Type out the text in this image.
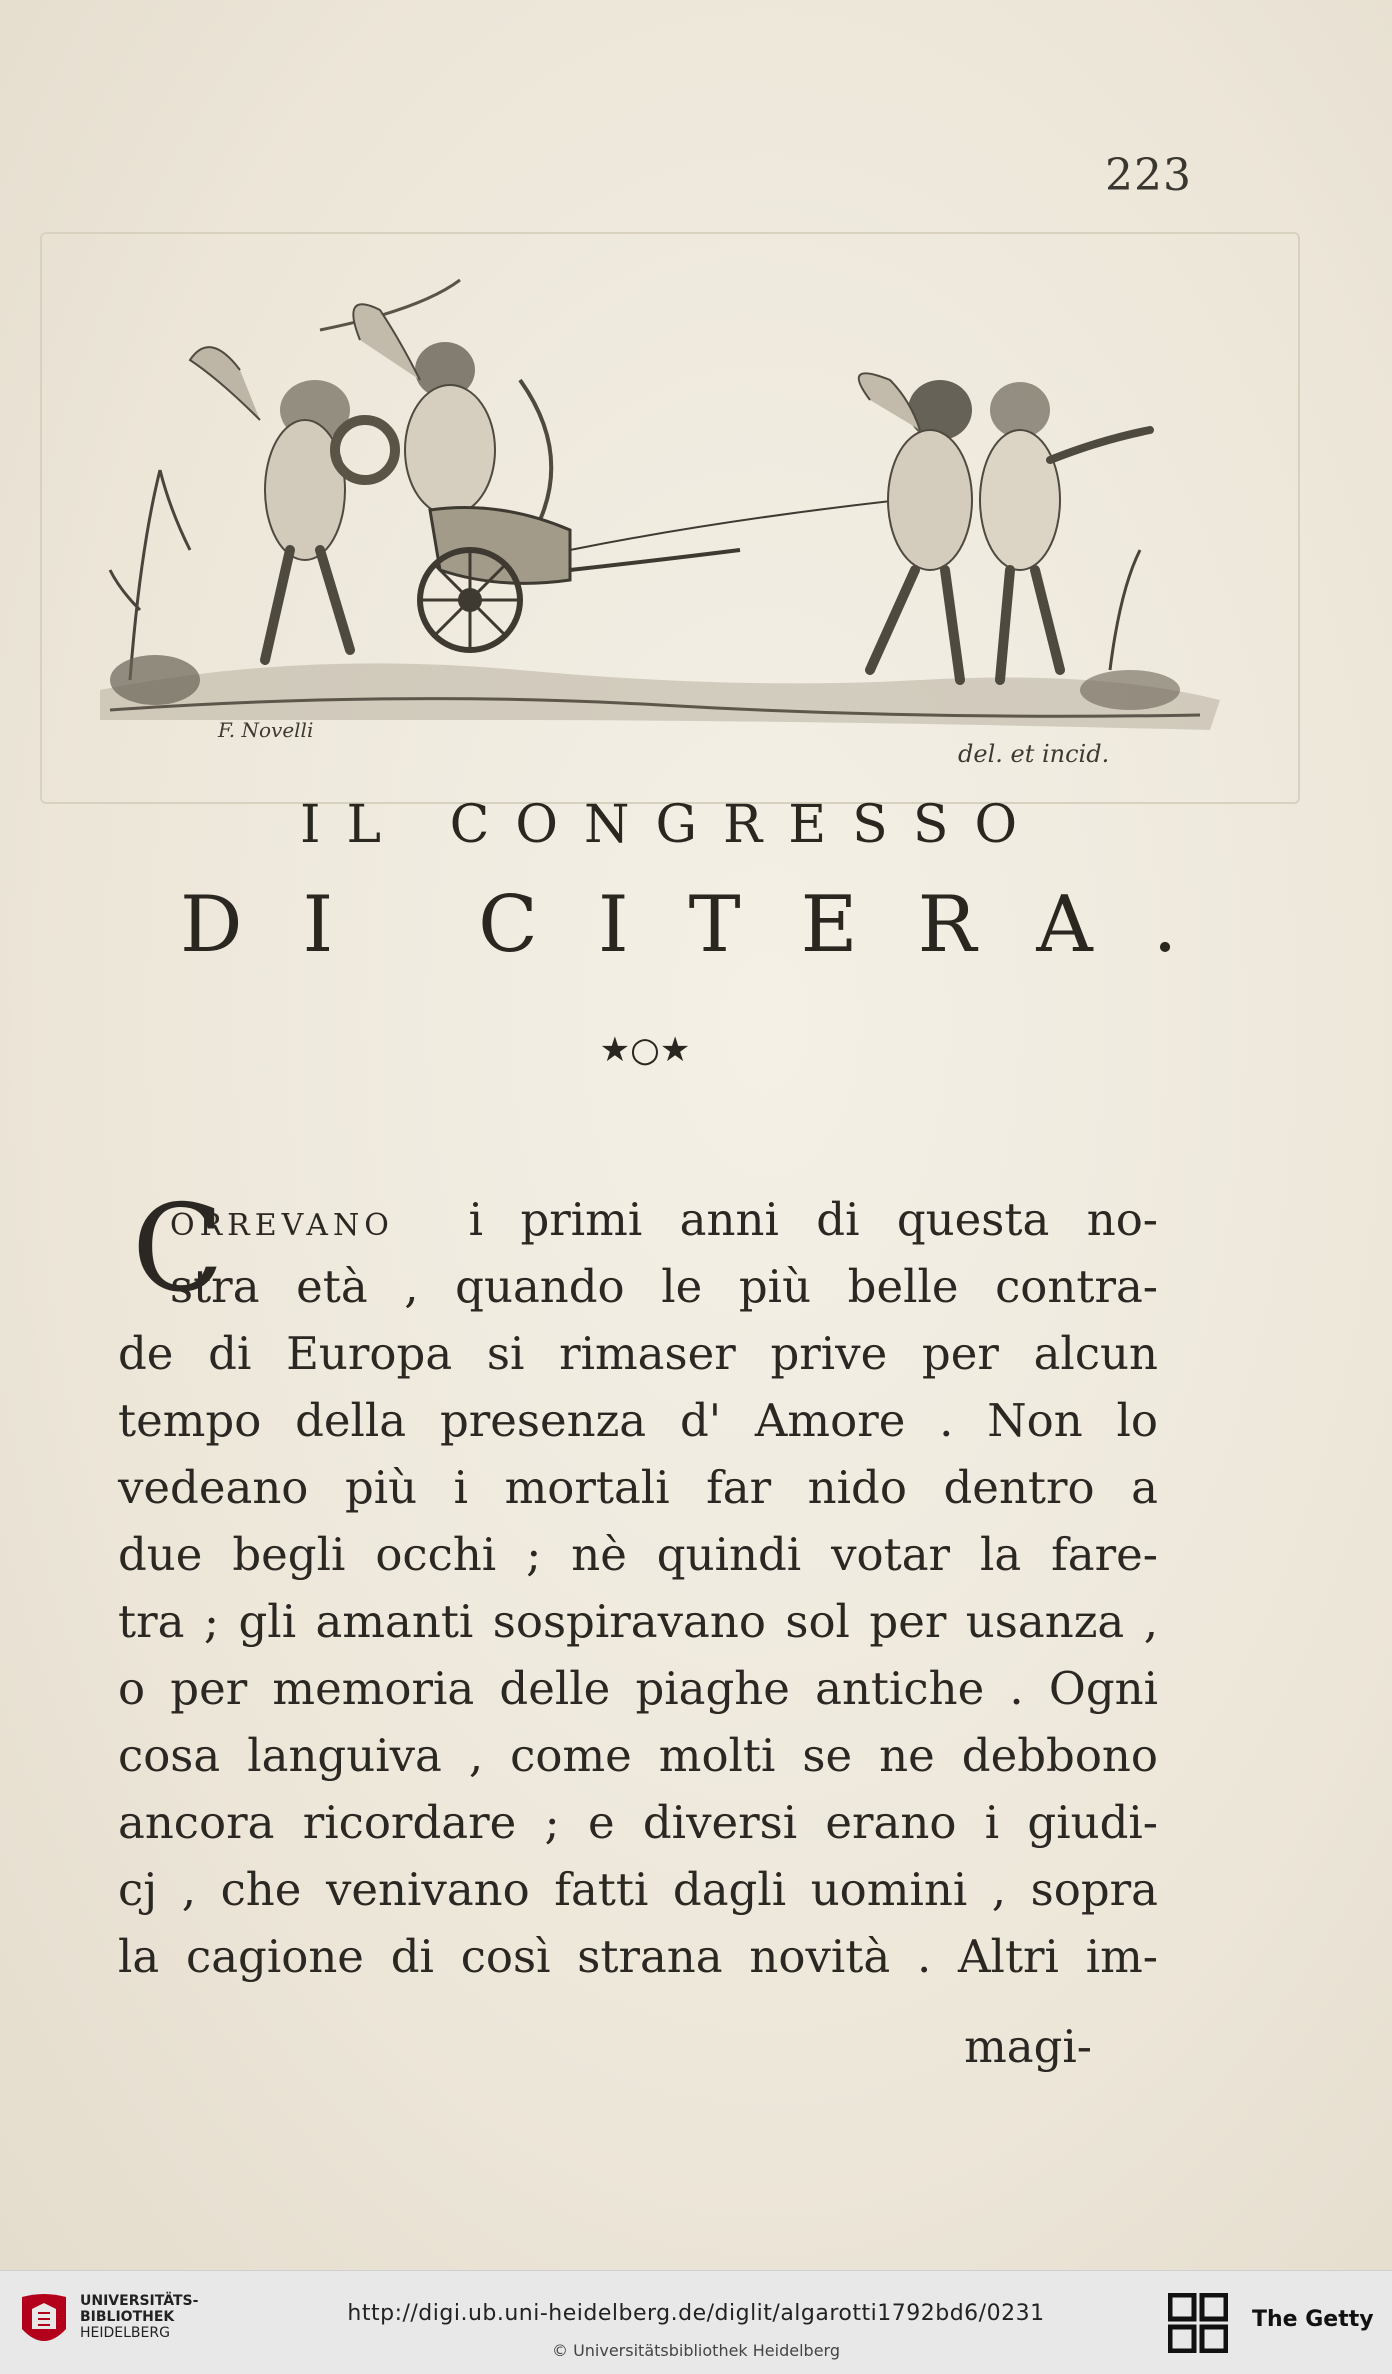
223
F. Novelli
del. et incid.
IL CONGRESSO
DI CITERA.
★○★
C
ORREVANO i primi anni di questa no-
stra età , quando le più belle contra-
de di Europa si rimaser prive per alcun
tempo della presenza d' Amore . Non lo
vedeano più i mortali far nido dentro a
due begli occhi ; nè quindi votar la fare-
tra ; gli amanti sospiravano sol per usanza ,
o per memoria delle piaghe antiche . Ogni
cosa languiva , come molti se ne debbono
ancora ricordare ; e diversi erano i giudi-
cj , che venivano fatti dagli uomini , sopra
la cagione di così strana novità . Altri im-
magi-
UNIVERSITÄTS-
BIBLIOTHEK
HEIDELBERG
http://digi.ub.uni-heidelberg.de/diglit/algarotti1792bd6/0231
© Universitätsbibliothek Heidelberg
The Getty
